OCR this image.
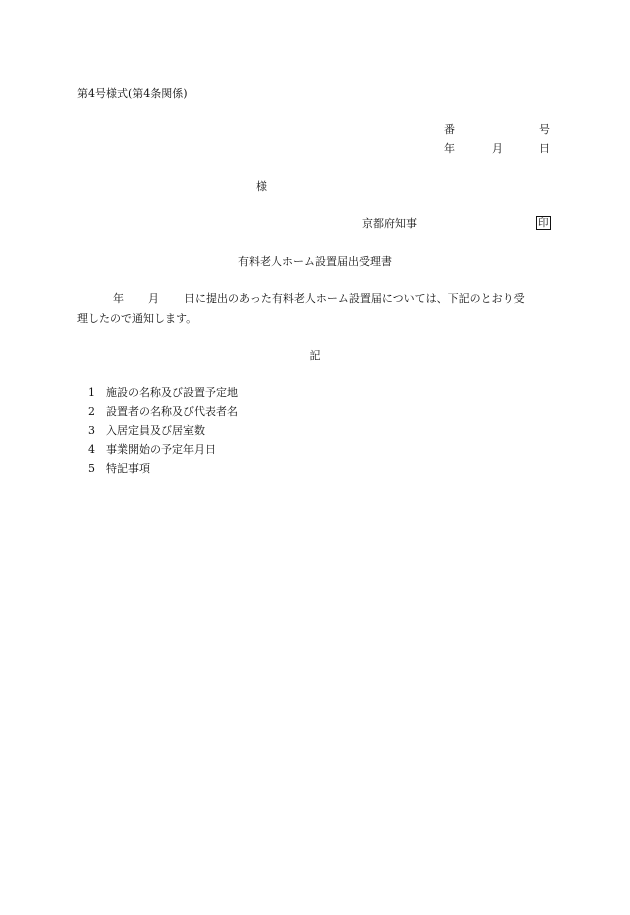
第4号様式(第4条関係)
番	号
年	月	日
様
京都府知事	印
有料老人ホーム設置届出受理書
年 月 日に提出のあった有料老人ホーム設置届については、下記のとおり受
理したので通知します。
記
1 施設の名称及び設置予定地
2 設置者の名称及び代表者名
3 入居定員及び居室数
4 事業開始の予定年月日
5 特記事項
